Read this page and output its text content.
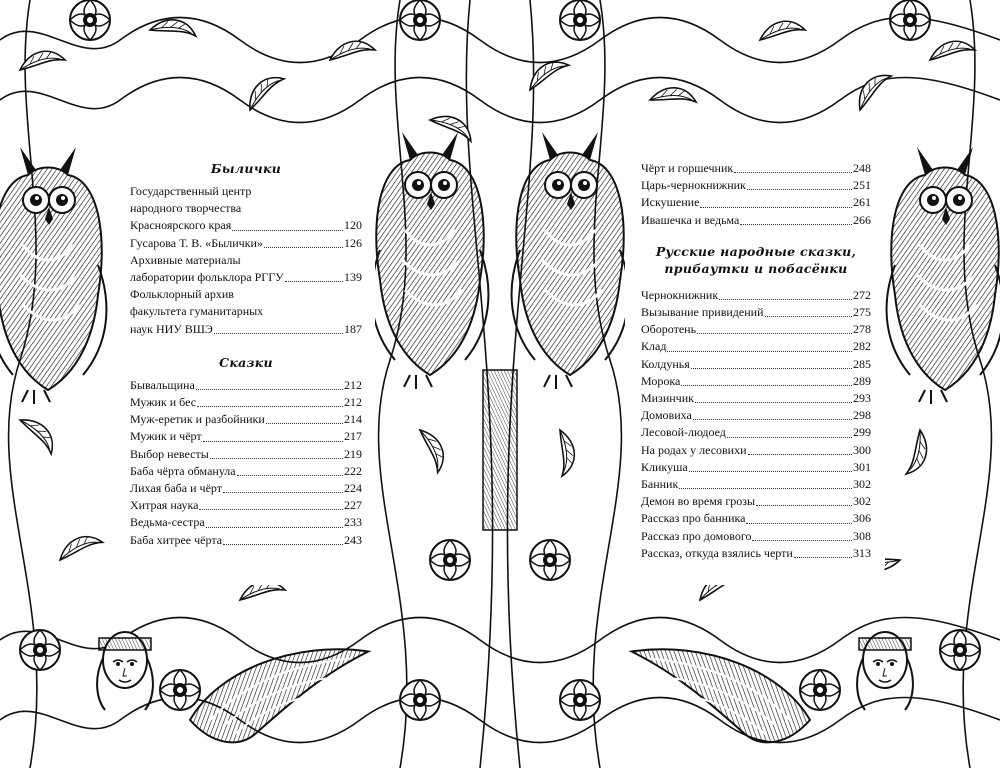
Былички
Государственный центр
народного творчества
Красноярского края	120
Гусарова Т. В. «Былички»	126
Архивные материалы
лаборатории фольклора РГГУ	139
Фольклорный архив
факультета гуманитарных
наук НИУ ВШЭ	187
Сказки
Бывальщина	212
Мужик и бес	212
Муж-еретик и разбойники	214
Мужик и чёрт	217
Выбор невесты	219
Баба чёрта обманула	222
Лихая баба и чёрт	224
Хитрая наука	227
Ведьма-сестра	233
Баба хитрее чёрта	243
Чёрт и горшечник	248
Царь-чернокнижник	251
Искушение	261
Ивашечка и ведьма	266
Русские народные сказки,
прибаутки и побасёнки
Чернокнижник	272
Вызывание привидений	275
Оборотень	278
Клад	282
Колдунья	285
Морока	289
Мизинчик	293
Домовиха	298
Лесовой-людоед	299
На родах у лесовихи	300
Кликуша	301
Банник	302
Демон во время грозы	302
Рассказ про банника	306
Рассказ про домового	308
Рассказ, откуда взялись черти	313
